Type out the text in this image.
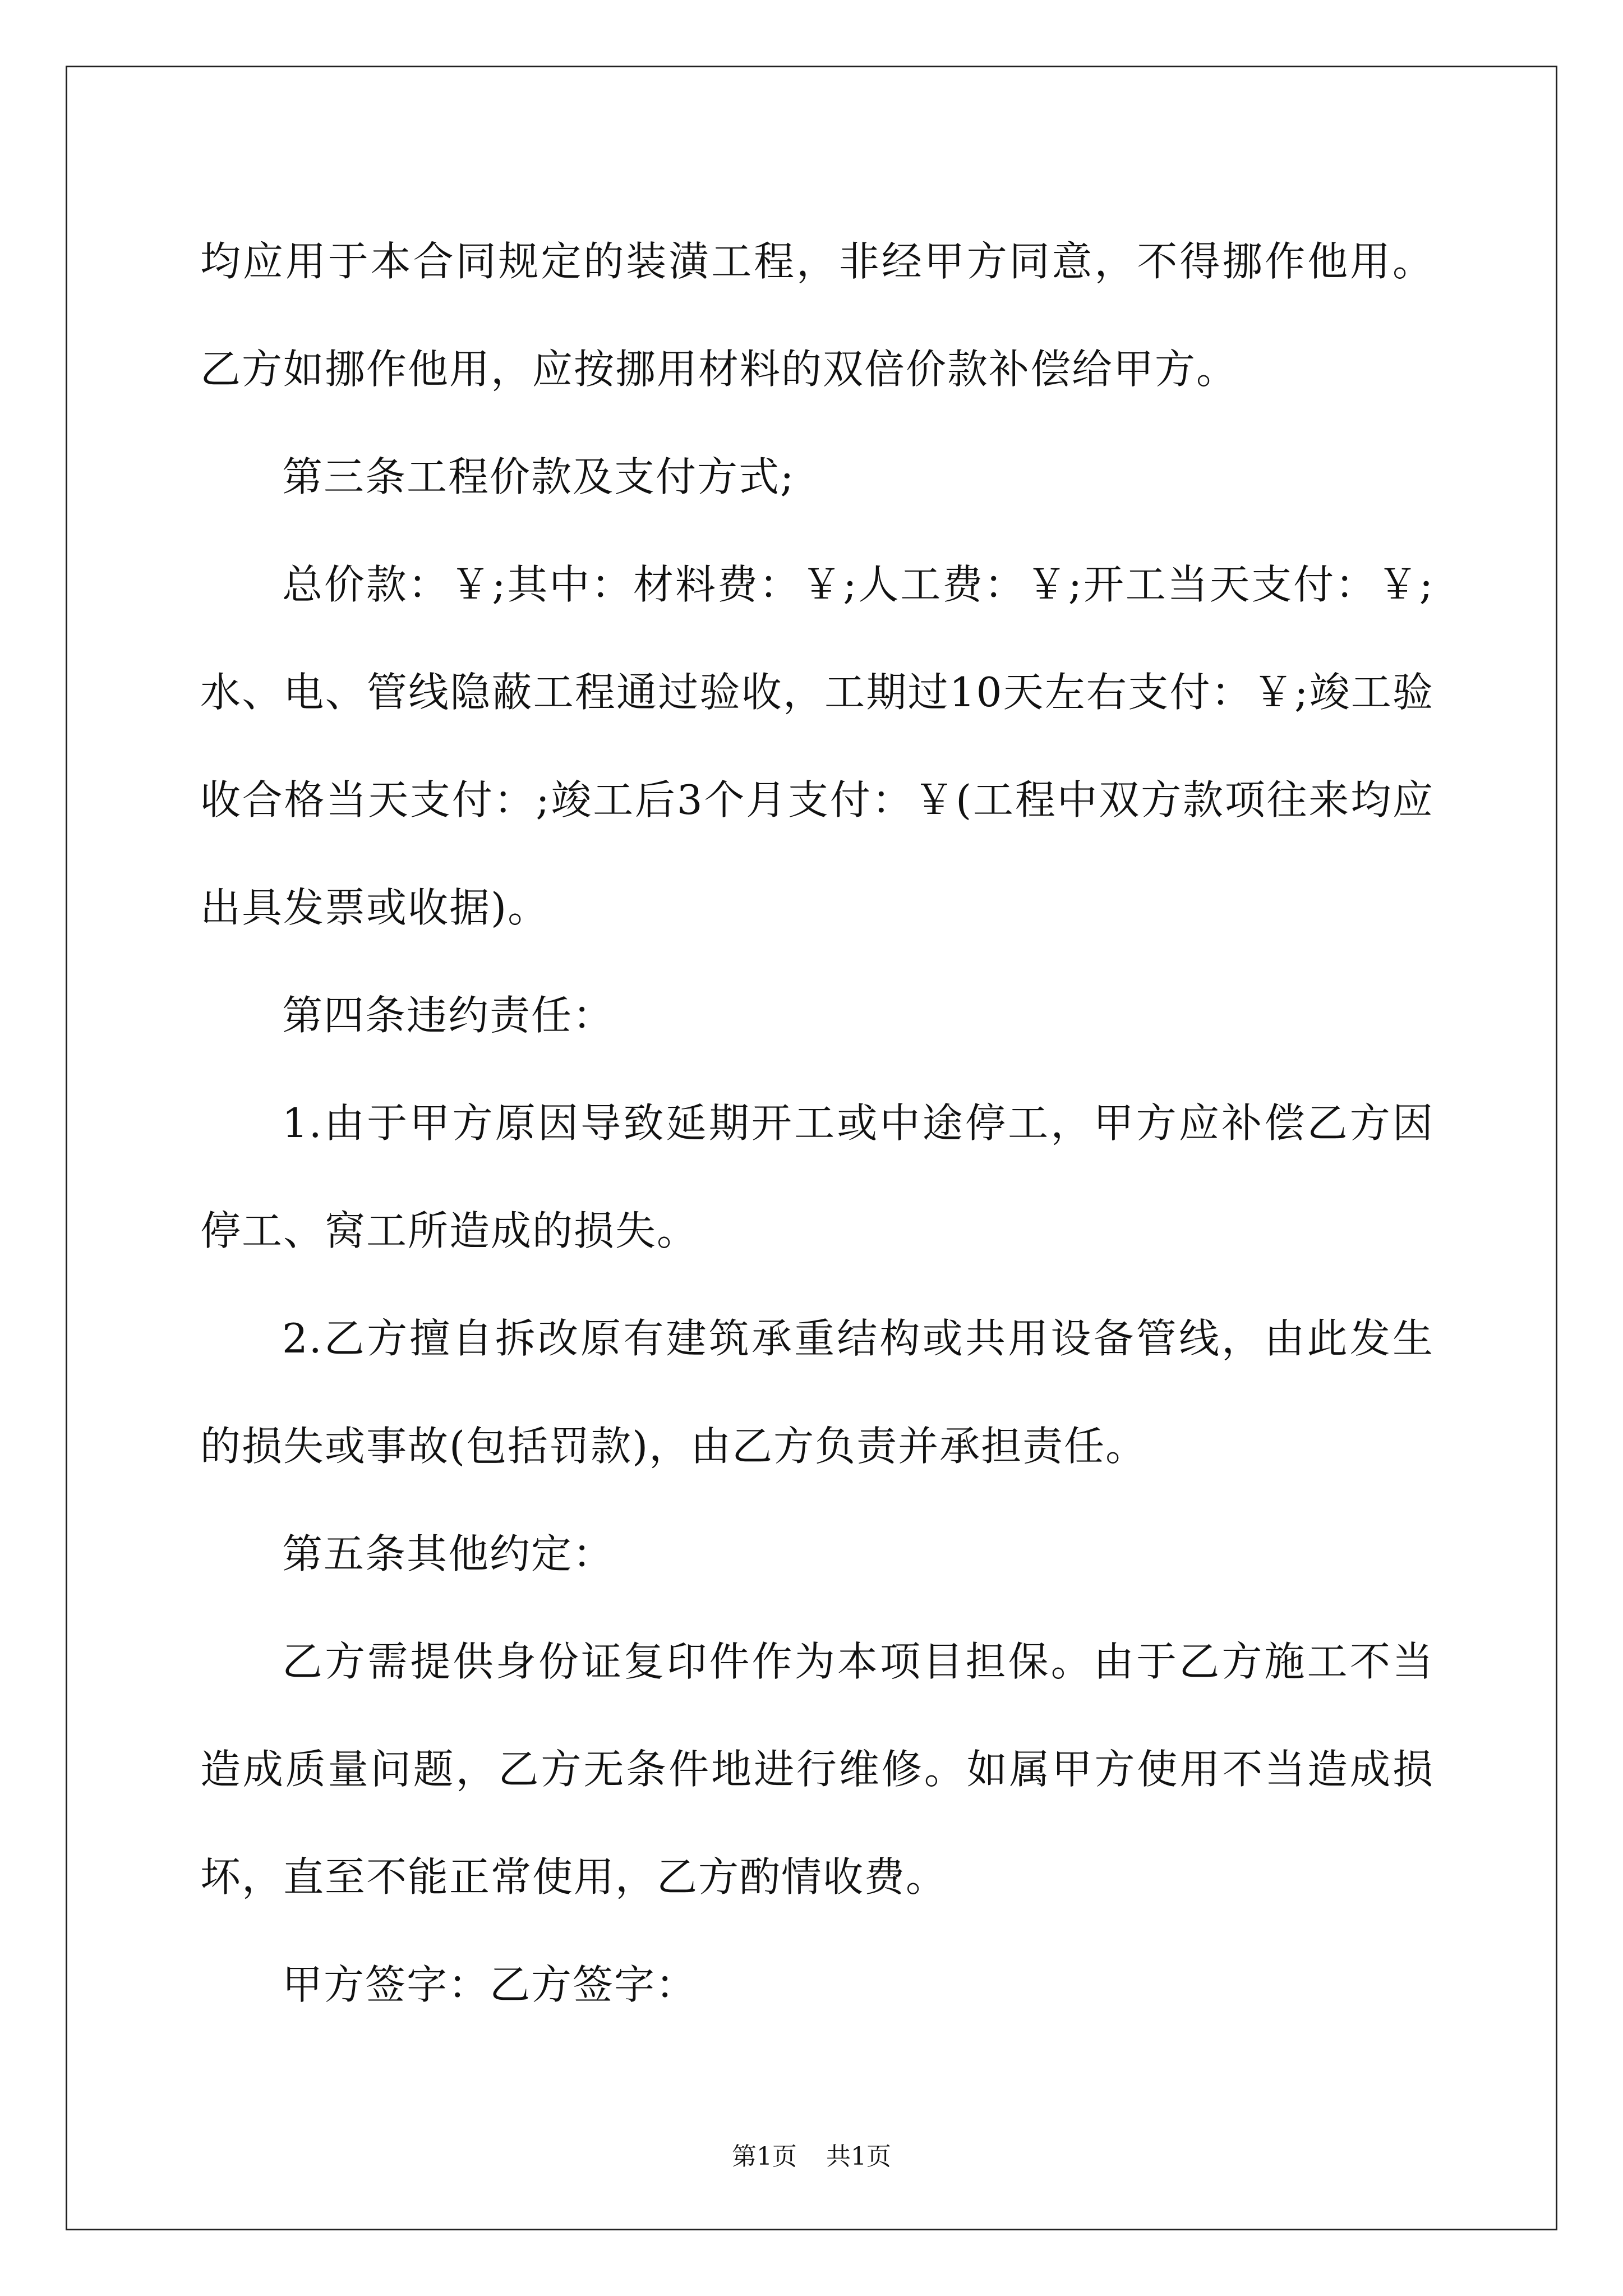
均应用于本合同规定的装潢工程，非经甲方同意，不得挪作他用。乙方如挪作他用，应按挪用材料的双倍价款补偿给甲方。

第三条工程价款及支付方式;

总价款：￥;其中：材料费：￥;人工费：￥;开工当天支付：￥;水、电、管线隐蔽工程通过验收，工期过10天左右支付：￥;竣工验收合格当天支付：;竣工后3个月支付：￥(工程中双方款项往来均应出具发票或收据)。

第四条违约责任：

1.由于甲方原因导致延期开工或中途停工，甲方应补偿乙方因停工、窝工所造成的损失。

2.乙方擅自拆改原有建筑承重结构或共用设备管线，由此发生的损失或事故(包括罚款)，由乙方负责并承担责任。

第五条其他约定：

乙方需提供身份证复印件作为本项目担保。由于乙方施工不当造成质量问题，乙方无条件地进行维修。如属甲方使用不当造成损坏，直至不能正常使用，乙方酌情收费。

甲方签字：乙方签字：

第1页 共1页
